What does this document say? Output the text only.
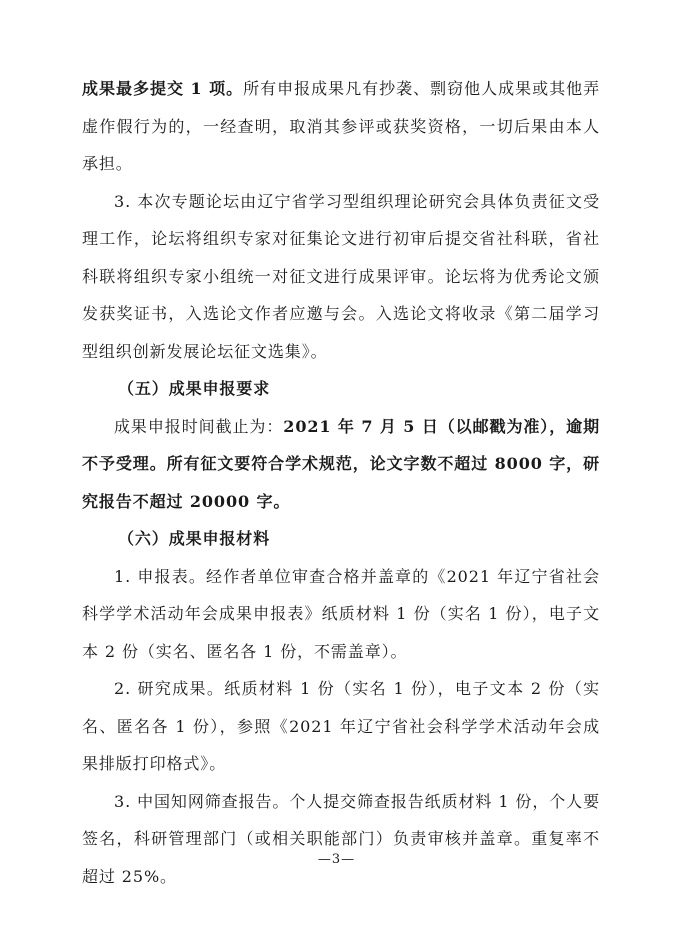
成果最多提交 1 项。所有申报成果凡有抄袭、剽窃他人成果或其他弄虚作假行为的，一经查明，取消其参评或获奖资格，一切后果由本人承担。

3. 本次专题论坛由辽宁省学习型组织理论研究会具体负责征文受理工作，论坛将组织专家对征集论文进行初审后提交省社科联，省社科联将组织专家小组统一对征文进行成果评审。论坛将为优秀论文颁发获奖证书，入选论文作者应邀与会。入选论文将收录《第二届学习型组织创新发展论坛征文选集》。

（五）成果申报要求

成果申报时间截止为：2021 年 7 月 5 日（以邮戳为准），逾期不予受理。所有征文要符合学术规范，论文字数不超过 8000 字，研究报告不超过 20000 字。

（六）成果申报材料

1. 申报表。经作者单位审查合格并盖章的《2021 年辽宁省社会科学学术活动年会成果申报表》纸质材料 1 份（实名 1 份），电子文本 2 份（实名、匿名各 1 份，不需盖章）。

2. 研究成果。纸质材料 1 份（实名 1 份），电子文本 2 份（实名、匿名各 1 份），参照《2021 年辽宁省社会科学学术活动年会成果排版打印格式》。

3. 中国知网筛查报告。个人提交筛查报告纸质材料 1 份，个人要签名，科研管理部门（或相关职能部门）负责审核并盖章。重复率不超过 25%。

—3—
